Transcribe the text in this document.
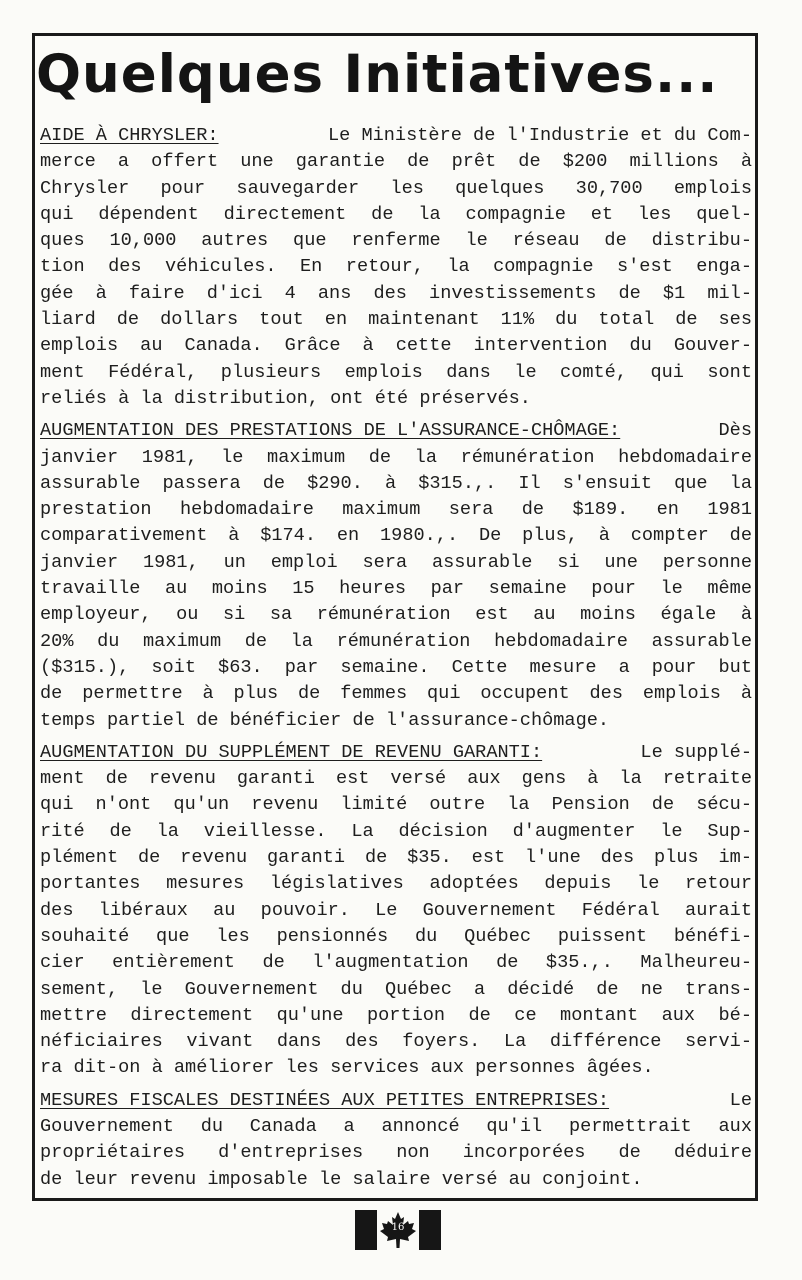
Quelques Initiatives...
AIDE À CHRYSLER:	Le Ministère de l'Industrie et du Com-
merce a offert une garantie de prêt de $200 millions à
Chrysler pour sauvegarder les quelques 30,700 emplois
qui dépendent directement de la compagnie et les quel-
ques 10,000 autres que renferme le réseau de distribu-
tion des véhicules. En retour, la compagnie s'est enga-
gée à faire d'ici 4 ans des investissements de $1 mil-
liard de dollars tout en maintenant 11% du total de ses
emplois au Canada. Grâce à cette intervention du Gouver-
ment Fédéral, plusieurs emplois dans le comté, qui sont
reliés à la distribution, ont été préservés.
AUGMENTATION DES PRESTATIONS DE L'ASSURANCE-CHÔMAGE:	Dès
janvier 1981, le maximum de la rémunération hebdomadaire
assurable passera de $290. à $315.,. Il s'ensuit que la
prestation hebdomadaire maximum sera de $189. en 1981
comparativement à $174. en 1980.,. De plus, à compter de
janvier 1981, un emploi sera assurable si une personne
travaille au moins 15 heures par semaine pour le même
employeur, ou si sa rémunération est au moins égale à
20% du maximum de la rémunération hebdomadaire assurable
($315.), soit $63. par semaine. Cette mesure a pour but
de permettre à plus de femmes qui occupent des emplois à
temps partiel de bénéficier de l'assurance-chômage.
AUGMENTATION DU SUPPLÉMENT DE REVENU GARANTI:	Le supplé-
ment de revenu garanti est versé aux gens à la retraite
qui n'ont qu'un revenu limité outre la Pension de sécu-
rité de la vieillesse. La décision d'augmenter le Sup-
plément de revenu garanti de $35. est l'une des plus im-
portantes mesures législatives adoptées depuis le retour
des libéraux au pouvoir. Le Gouvernement Fédéral aurait
souhaité que les pensionnés du Québec puissent bénéfi-
cier entièrement de l'augmentation de $35.,. Malheureu-
sement, le Gouvernement du Québec a décidé de ne trans-
mettre directement qu'une portion de ce montant aux bé-
néficiaires vivant dans des foyers. La différence servi-
ra dit-on à améliorer les services aux personnes âgées.
MESURES FISCALES DESTINÉES AUX PETITES ENTREPRISES:	Le
Gouvernement du Canada a annoncé qu'il permettrait aux
propriétaires d'entreprises non incorporées de déduire
de leur revenu imposable le salaire versé au conjoint.
16
